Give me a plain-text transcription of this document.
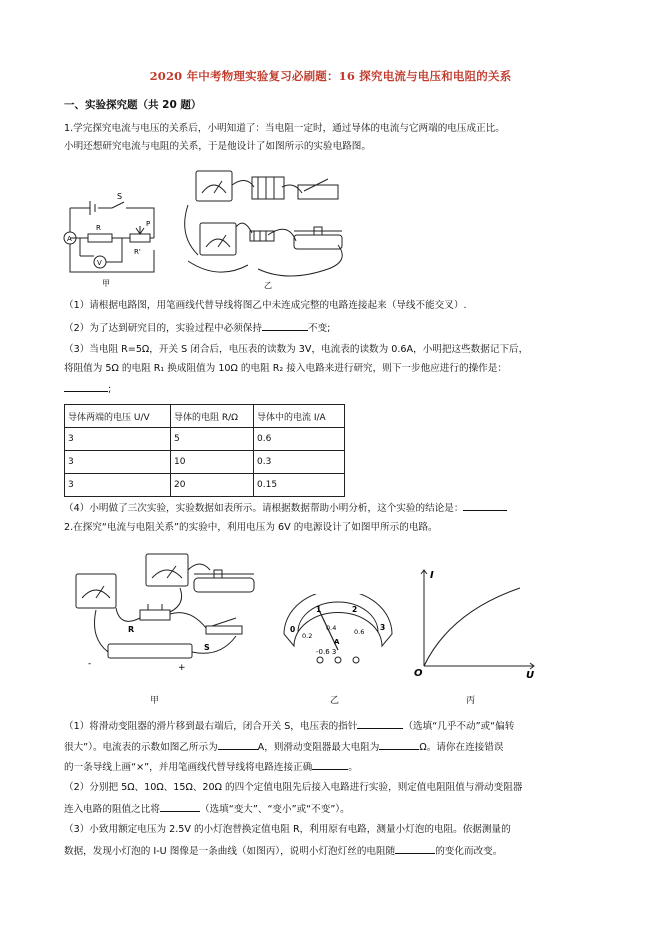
2020 年中考物理实验复习必刷题：16 探究电流与电压和电阻的关系
一、实验探究题（共 20 题）
1.学完探究电流与电压的关系后，小明知道了：当电阻一定时，通过导体的电流与它两端的电压成正比。
小明还想研究电流与电阻的关系，于是他设计了如图所示的实验电路图。
S
A
R	P
R'
V
甲	乙
（1）请根据电路图，用笔画线代替导线将图乙中未连成完整的电路连接起来（导线不能交叉）.
（2）为了达到研究目的，实验过程中必须保持	不变;
（3）当电阻 R=5Ω，开关 S 闭合后，电压表的读数为 3V，电流表的读数为 0.6A，小明把这些数据记下后，
将阻值为 5Ω 的电阻 R₁ 换成阻值为 10Ω 的电阻 R₂ 接入电路来进行研究，则下一步他应进行的操作是：
;
导体两端的电压 U/V	导体的电阻 R/Ω	导体中的电流 I/A
3	5	0.6
3	10	0.3
3	20	0.15
（4）小明做了三次实验，实验数据如表所示。请根据数据帮助小明分析，这个实验的结论是：
2.在探究“电流与电阻关系”的实验中，利用电压为 6V 的电源设计了如图甲所示的电路。
R
S
-	+
0
1	2
3
0.2
0.4	0.6
A
-0.6 3
I
U
O
甲	乙	丙
（1）将滑动变阻器的滑片移到最右端后，闭合开关 S，电压表的指针	（选填“几乎不动”或“偏转
很大”）。电流表的示数如图乙所示为	A，则滑动变阻器最大电阻为	Ω。请你在连接错误
的一条导线上画“×”，并用笔画线代替导线将电路连接正确	。
（2）分别把 5Ω、10Ω、15Ω、20Ω 的四个定值电阻先后接入电路进行实验，则定值电阻阻值与滑动变阻器
连入电路的阻值之比将	（选填“变大”、“变小”或“不变”）。
（3）小致用额定电压为 2.5V 的小灯泡替换定值电阻 R，利用原有电路，测量小灯泡的电阻。依据测量的
数据，发现小灯泡的 I-U 图像是一条曲线（如图丙），说明小灯泡灯丝的电阻随	的变化而改变。
